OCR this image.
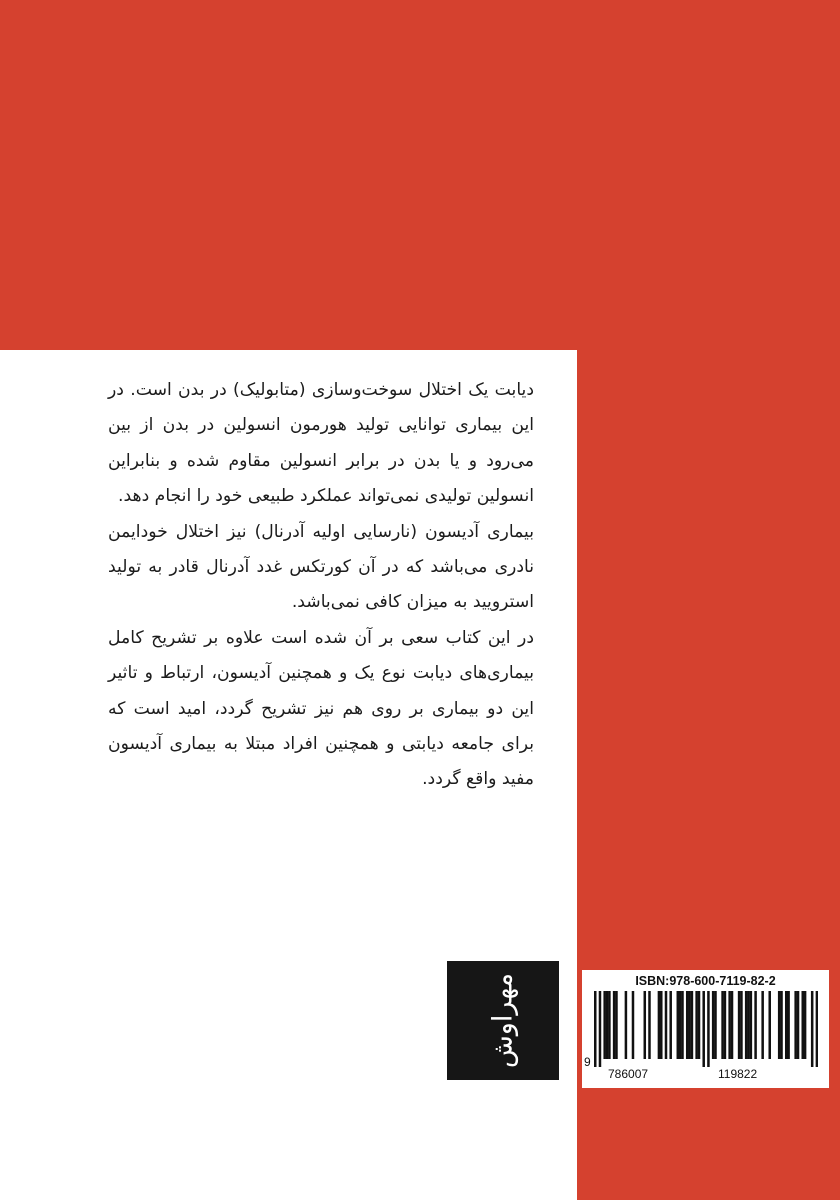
دیابت یک اختلال سوخت‌وسازی (متابولیک) در بدن است. در این بیماری توانایی تولید هورمون انسولین در بدن از بین می‌رود و یا بدن در برابر انسولین مقاوم شده و بنابراین انسولین تولیدی نمی‌تواند عملکرد طبیعی خود را انجام دهد.

بیماری آدیسون (نارسایی اولیه آدرنال) نیز اختلال خودایمن نادری می‌باشد که در آن کورتکس غدد آدرنال قادر به تولید استرویید به میزان کافی نمی‌باشد.

در این کتاب سعی بر آن شده است علاوه بر تشریح کامل بیماری‌های دیابت نوع یک و همچنین آدیسون، ارتباط و تاثیر این دو بیماری بر روی هم نیز تشریح گردد، امید است که برای جامعه دیابتی و همچنین افراد مبتلا به بیماری آدیسون مفید واقع گردد.

مهراوش	ISBN:978-600-7119-82-2
9
786007	119822
